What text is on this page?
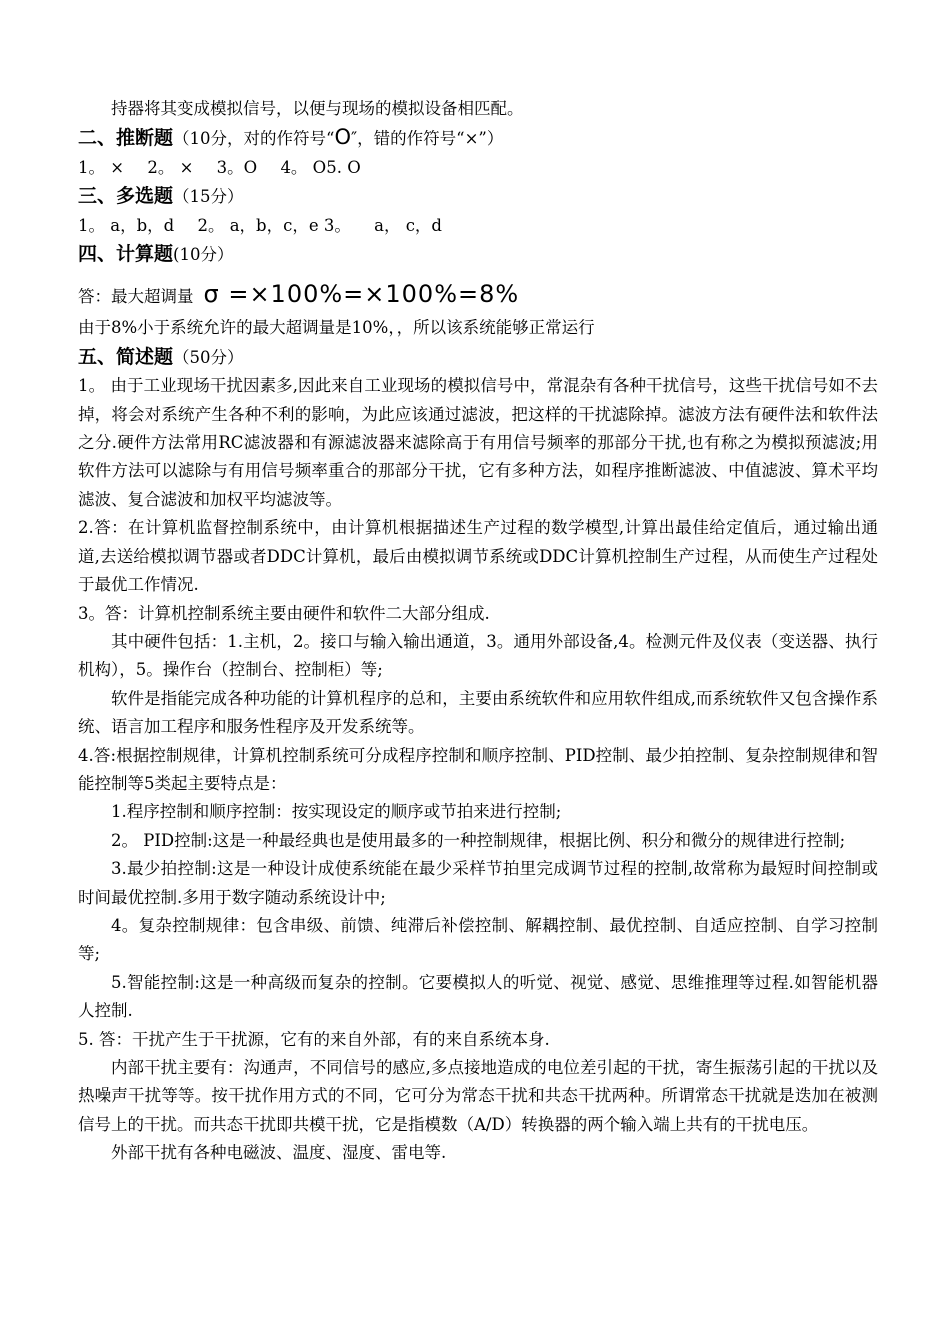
持器将其变成模拟信号，以便与现场的模拟设备相匹配。
二、推断题（10分，对的作符号“O″，错的作符号“×”）
1。 × 2。 × 3。O 4。 O5. O
三、多选题（15分）
1。 a，b，d 2。 a，b，c，e 3。 a， c，d
四、计算题(10分）
答：最大超调量 σ =×100%=×100%=8%
由于8%小于系统允许的最大超调量是10%，，所以该系统能够正常运行
五、简述题（50分）

1。 由于工业现场干扰因素多,因此来自工业现场的模拟信号中，常混杂有各种干扰信号，这些干扰信号如不去掉，将会对系统产生各种不利的影响，为此应该通过滤波，把这样的干扰滤除掉。滤波方法有硬件法和软件法之分.硬件方法常用RC滤波器和有源滤波器来滤除高于有用信号频率的那部分干扰,也有称之为模拟预滤波;用软件方法可以滤除与有用信号频率重合的那部分干扰，它有多种方法，如程序推断滤波、中值滤波、算术平均滤波、复合滤波和加权平均滤波等。

2.答：在计算机监督控制系统中，由计算机根据描述生产过程的数学模型,计算出最佳给定值后，通过输出通道,去送给模拟调节器或者DDC计算机，最后由模拟调节系统或DDC计算机控制生产过程，从而使生产过程处于最优工作情况.

3。答：计算机控制系统主要由硬件和软件二大部分组成.

其中硬件包括：1.主机，2。接口与输入输出通道，3。通用外部设备,4。检测元件及仪表（变送器、执行机构），5。操作台（控制台、控制柜）等;

软件是指能完成各种功能的计算机程序的总和，主要由系统软件和应用软件组成,而系统软件又包含操作系统、语言加工程序和服务性程序及开发系统等。

4.答:根据控制规律，计算机控制系统可分成程序控制和顺序控制、PID控制、最少拍控制、复杂控制规律和智能控制等5类起主要特点是：

1.程序控制和顺序控制：按实现设定的顺序或节拍来进行控制;

2。 PID控制:这是一种最经典也是使用最多的一种控制规律，根据比例、积分和微分的规律进行控制;

3.最少拍控制:这是一种设计成使系统能在最少采样节拍里完成调节过程的控制,故常称为最短时间控制或时间最优控制.多用于数字随动系统设计中;

4。复杂控制规律：包含串级、前馈、纯滞后补偿控制、解耦控制、最优控制、自适应控制、自学习控制等;

5.智能控制:这是一种高级而复杂的控制。它要模拟人的听觉、视觉、感觉、思维推理等过程.如智能机器人控制.

5. 答：干扰产生于干扰源，它有的来自外部，有的来自系统本身.

内部干扰主要有：沟通声，不同信号的感应,多点接地造成的电位差引起的干扰，寄生振荡引起的干扰以及热噪声干扰等等。按干扰作用方式的不同，它可分为常态干扰和共态干扰两种。所谓常态干扰就是迭加在被测信号上的干扰。而共态干扰即共模干扰，它是指模数（A/D）转换器的两个输入端上共有的干扰电压。

外部干扰有各种电磁波、温度、湿度、雷电等.
